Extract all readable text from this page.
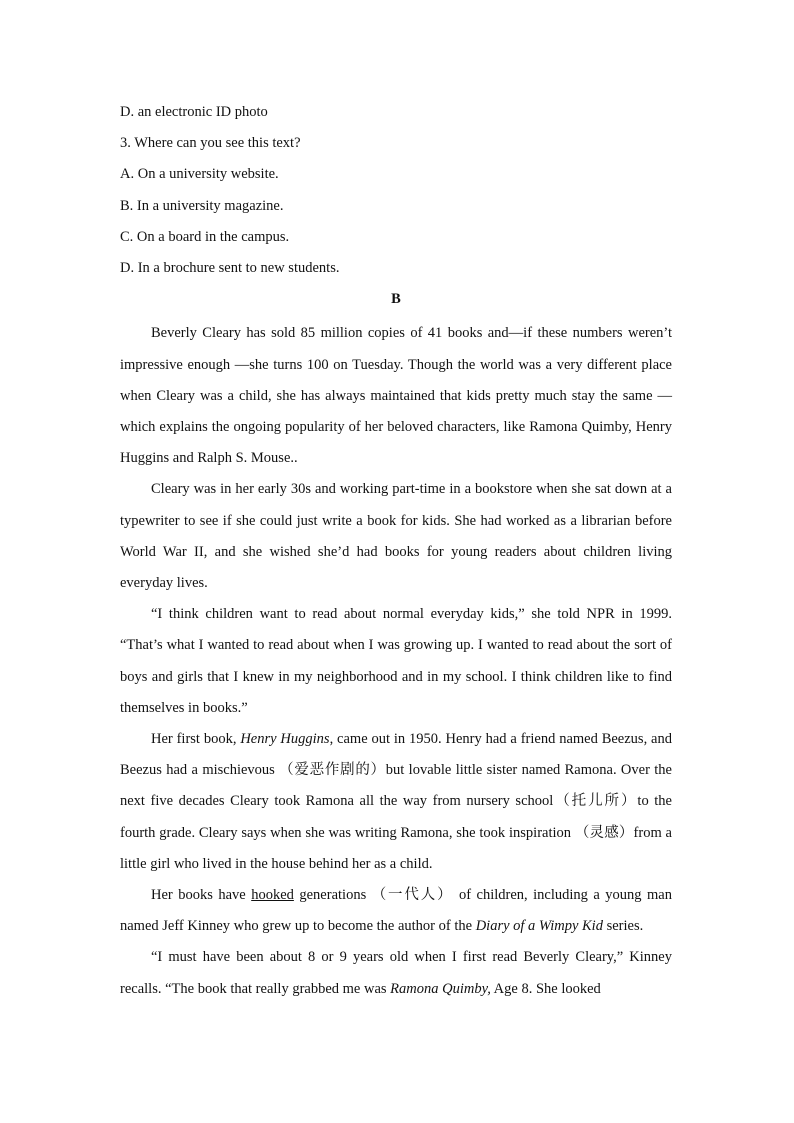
D. an electronic ID photo
3. Where can you see this text?
A. On a university website.
B. In a university magazine.
C. On a board in the campus.
D. In a brochure sent to new students.
B

Beverly Cleary has sold 85 million copies of 41 books and—if these numbers weren’t impressive enough —she turns 100 on Tuesday. Though the world was a very different place when Cleary was a child, she has always maintained that kids pretty much stay the same —which explains the ongoing popularity of her beloved characters, like Ramona Quimby, Henry Huggins and Ralph S. Mouse..

Cleary was in her early 30s and working part-time in a bookstore when she sat down at a typewriter to see if she could just write a book for kids. She had worked as a librarian before World War II, and she wished she’d had books for young readers about children living everyday lives.

“I think children want to read about normal everyday kids,” she told NPR in 1999. “That’s what I wanted to read about when I was growing up. I wanted to read about the sort of boys and girls that I knew in my neighborhood and in my school. I think children like to find themselves in books.”

Her first book, Henry Huggins, came out in 1950. Henry had a friend named Beezus, and Beezus had a mischievous （爱恶作剧的）but lovable little sister named Ramona. Over the next five decades Cleary took Ramona all the way from nursery school（托儿所）to the fourth grade. Cleary says when she was writing Ramona, she took inspiration （灵感）from a little girl who lived in the house behind her as a child.

Her books have hooked generations （一代人） of children, including a young man named Jeff Kinney who grew up to become the author of the Diary of a Wimpy Kid series.

“I must have been about 8 or 9 years old when I first read Beverly Cleary,” Kinney recalls. “The book that really grabbed me was Ramona Quimby, Age 8. She looked
